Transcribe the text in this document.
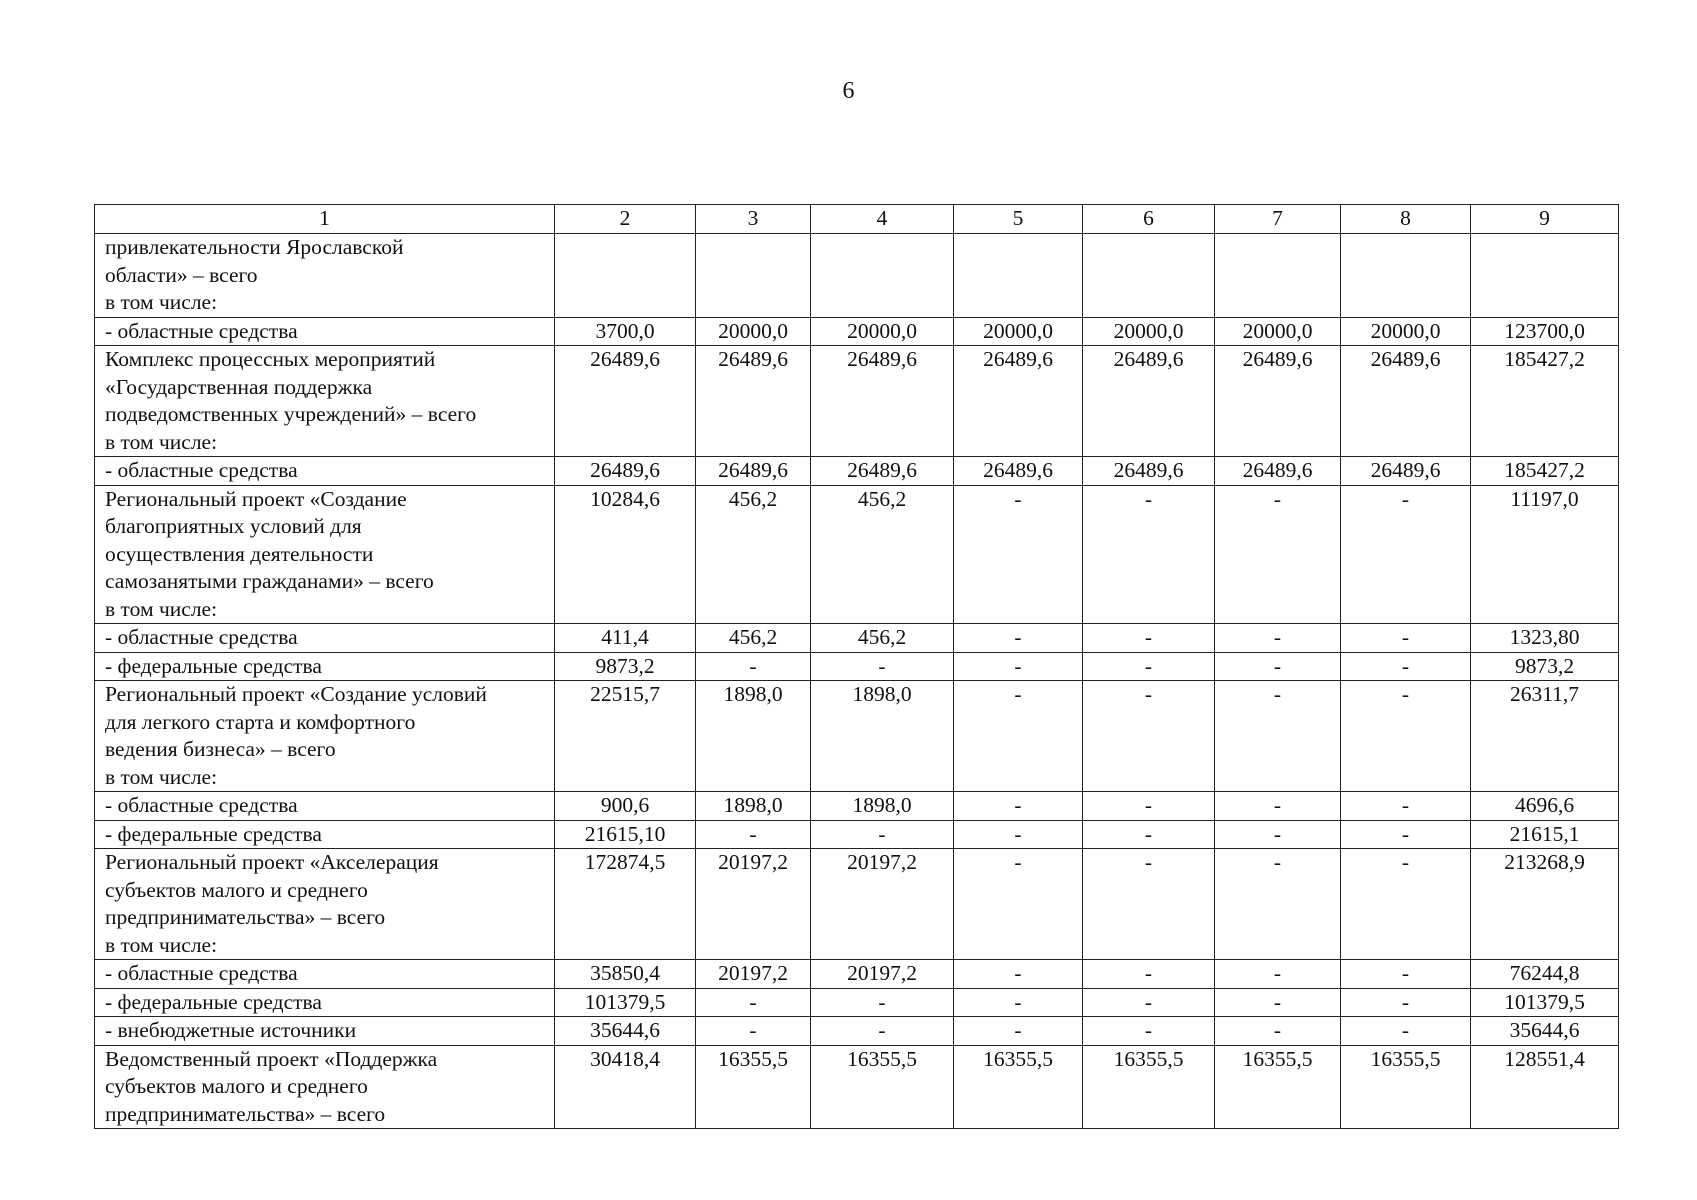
6
1	2	3	4	5	6	7	8	9

привлекательности Ярославской
области» – всего
в том числе:								

- областные средства	3700,0	20000,0	20000,0	20000,0	20000,0	20000,0	20000,0	123700,0

Комплекс процессных мероприятий
«Государственная поддержка
подведомственных учреждений» – всего
в том числе:	26489,6	26489,6	26489,6	26489,6	26489,6	26489,6	26489,6	185427,2

- областные средства	26489,6	26489,6	26489,6	26489,6	26489,6	26489,6	26489,6	185427,2

Региональный проект «Создание
благоприятных условий для
осуществления деятельности
самозанятыми гражданами» – всего
в том числе:	10284,6	456,2	456,2	-	-	-	-	11197,0

- областные средства	411,4	456,2	456,2	-	-	-	-	1323,80

- федеральные средства	9873,2	-	-	-	-	-	-	9873,2

Региональный проект «Создание условий
для легкого старта и комфортного
ведения бизнеса» – всего
в том числе:	22515,7	1898,0	1898,0	-	-	-	-	26311,7

- областные средства	900,6	1898,0	1898,0	-	-	-	-	4696,6

- федеральные средства	21615,10	-	-	-	-	-	-	21615,1

Региональный проект «Акселерация
субъектов малого и среднего
предпринимательства» – всего
в том числе:	172874,5	20197,2	20197,2	-	-	-	-	213268,9

- областные средства	35850,4	20197,2	20197,2	-	-	-	-	76244,8

- федеральные средства	101379,5	-	-	-	-	-	-	101379,5

- внебюджетные источники	35644,6	-	-	-	-	-	-	35644,6

Ведомственный проект «Поддержка
субъектов малого и среднего
предпринимательства» – всего	30418,4	16355,5	16355,5	16355,5	16355,5	16355,5	16355,5	128551,4
